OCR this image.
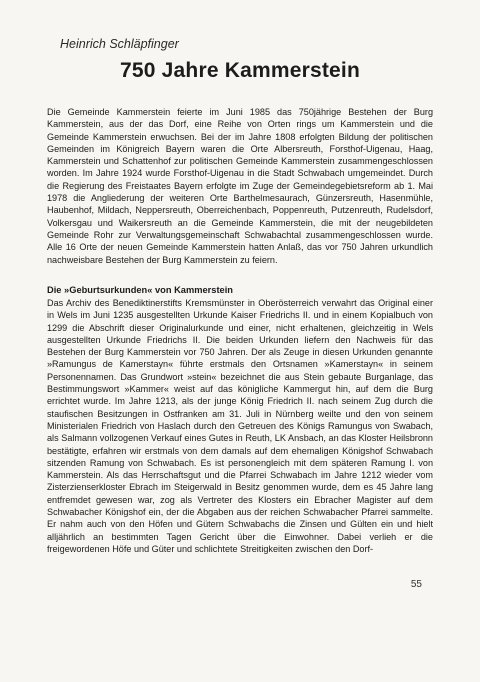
Heinrich Schläpfinger
750 Jahre Kammerstein

Die Gemeinde Kammerstein feierte im Juni 1985 das 750jährige Bestehen der Burg Kammerstein, aus der das Dorf, eine Reihe von Orten rings um Kammerstein und die Gemeinde Kammerstein erwuchsen. Bei der im Jahre 1808 erfolgten Bildung der politischen Gemeinden im Königreich Bayern waren die Orte Albersreuth, Forsthof-Uigenau, Haag, Kammerstein und Schattenhof zur politischen Gemeinde Kammerstein zusammengeschlossen worden. Im Jahre 1924 wurde Forsthof-Uigenau in die Stadt Schwabach umgemeindet. Durch die Regierung des Freistaates Bayern erfolgte im Zuge der Gemeindegebietsreform ab 1. Mai 1978 die Angliederung der weiteren Orte Barthelmesaurach, Günzersreuth, Hasenmühle, Haubenhof, Mildach, Neppersreuth, Oberreichenbach, Poppenreuth, Putzenreuth, Rudelsdorf, Volkersgau und Waikersreuth an die Gemeinde Kammerstein, die mit der neugebildeten Gemeinde Rohr zur Verwaltungsgemeinschaft Schwabachtal zusammengeschlossen wurde. Alle 16 Orte der neuen Gemeinde Kammerstein hatten Anlaß, das vor 750 Jahren urkundlich nachweisbare Bestehen der Burg Kammerstein zu feiern.

Die »Geburtsurkunden« von Kammerstein

Das Archiv des Benediktinerstifts Kremsmünster in Oberösterreich verwahrt das Original einer in Wels im Juni 1235 ausgestellten Urkunde Kaiser Friedrichs II. und in einem Kopialbuch von 1299 die Abschrift dieser Originalurkunde und einer, nicht erhaltenen, gleichzeitig in Wels ausgestellten Urkunde Friedrichs II. Die beiden Urkunden liefern den Nachweis für das Bestehen der Burg Kammerstein vor 750 Jahren. Der als Zeuge in diesen Urkunden genannte »Ramungus de Kamerstayn« führte erstmals den Ortsnamen »Kamerstayn« in seinem Personennamen. Das Grundwort »stein« bezeichnet die aus Stein gebaute Burganlage, das Bestimmungswort »Kammer« weist auf das königliche Kammergut hin, auf dem die Burg errichtet wurde. Im Jahre 1213, als der junge König Friedrich II. nach seinem Zug durch die staufischen Besitzungen in Ostfranken am 31. Juli in Nürnberg weilte und den von seinem Ministerialen Friedrich von Haslach durch den Getreuen des Königs Ramungus von Swabach, als Salmann vollzogenen Verkauf eines Gutes in Reuth, LK Ansbach, an das Kloster Heilsbronn bestätigte, erfahren wir erstmals von dem damals auf dem ehemaligen Königshof Schwabach sitzenden Ramung von Schwabach. Es ist personengleich mit dem späteren Ramung I. von Kammerstein. Als das Herrschaftsgut und die Pfarrei Schwabach im Jahre 1212 wieder vom Zisterzienserkloster Ebrach im Steigerwald in Besitz genommen wurde, dem es 45 Jahre lang entfremdet gewesen war, zog als Vertreter des Klosters ein Ebracher Magister auf dem Schwabacher Königshof ein, der die Abgaben aus der reichen Schwabacher Pfarrei sammelte. Er nahm auch von den Höfen und Gütern Schwabachs die Zinsen und Gülten ein und hielt alljährlich an bestimmten Tagen Gericht über die Einwohner. Dabei verlieh er die freigewordenen Höfe und Güter und schlichtete Streitigkeiten zwischen den Dorf-

55
